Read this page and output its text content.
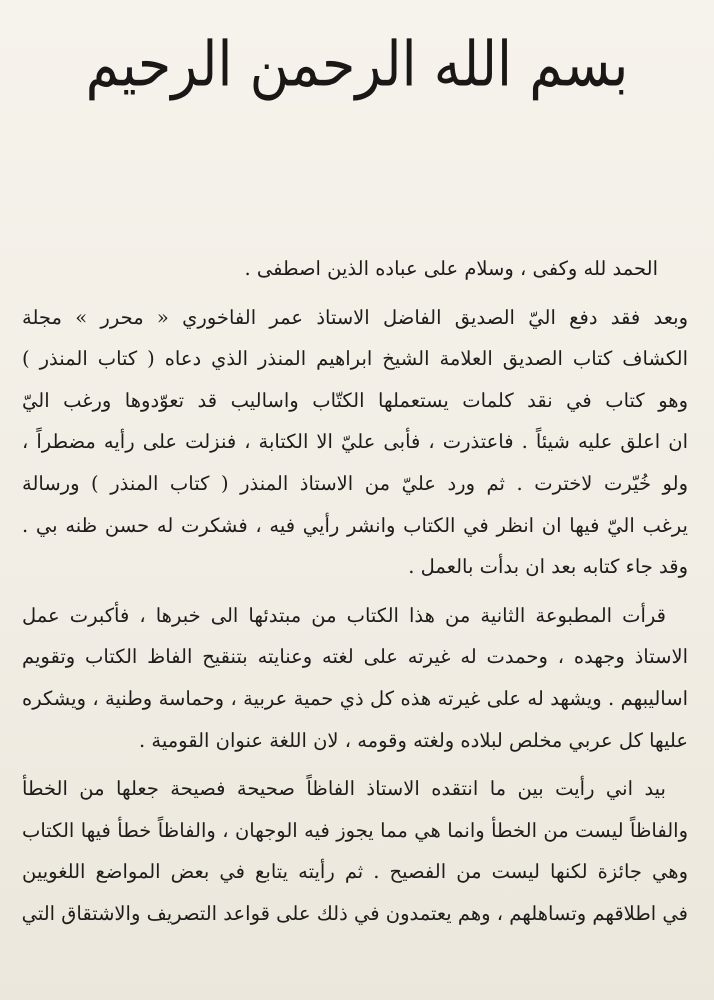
بسم الله الرحمن الرحيم
الحمد لله وكفى ، وسلام على عباده الذين اصطفى .
وبعد فقد دفع اليّ الصديق الفاضل الاستاذ عمر الفاخوري « محرر » مجلة
الكشاف كتاب الصديق العلامة الشيخ ابراهيم المنذر الذي دعاه ( كتاب المنذر )
وهو كتاب في نقد كلمات يستعملها الكتّاب واساليب قد تعوّدوها ورغب اليّ
ان اعلق عليه شيئاً . فاعتذرت ، فأبى عليّ الا الكتابة ، فنزلت على رأيه مضطراً ،
ولو خُيّرت لاخترت . ثم ورد عليّ من الاستاذ المنذر ( كتاب المنذر ) ورسالة
يرغب اليّ فيها ان انظر في الكتاب وانشر رأيي فيه ، فشكرت له حسن ظنه بي .
وقد جاء كتابه بعد ان بدأت بالعمل .
قرأت المطبوعة الثانية من هذا الكتاب من مبتدئها الى خبرها ، فأكبرت عمل
الاستاذ وجهده ، وحمدت له غيرته على لغته وعنايته بتنقيح الفاظ الكتاب وتقويم
اساليبهم . ويشهد له على غيرته هذه كل ذي حمية عربية ، وحماسة وطنية ، ويشكره
عليها كل عربي مخلص لبلاده ولغته وقومه ، لان اللغة عنوان القومية .
بيد اني رأيت بين ما انتقده الاستاذ الفاظاً صحيحة فصيحة جعلها من الخطأ
والفاظاً ليست من الخطأ وانما هي مما يجوز فيه الوجهان ، والفاظاً خطأ فيها الكتاب
وهي جائزة لكنها ليست من الفصيح . ثم رأيته يتابع في بعض المواضع اللغويين
في اطلاقهم وتساهلهم ، وهم يعتمدون في ذلك على قواعد التصريف والاشتقاق التي
